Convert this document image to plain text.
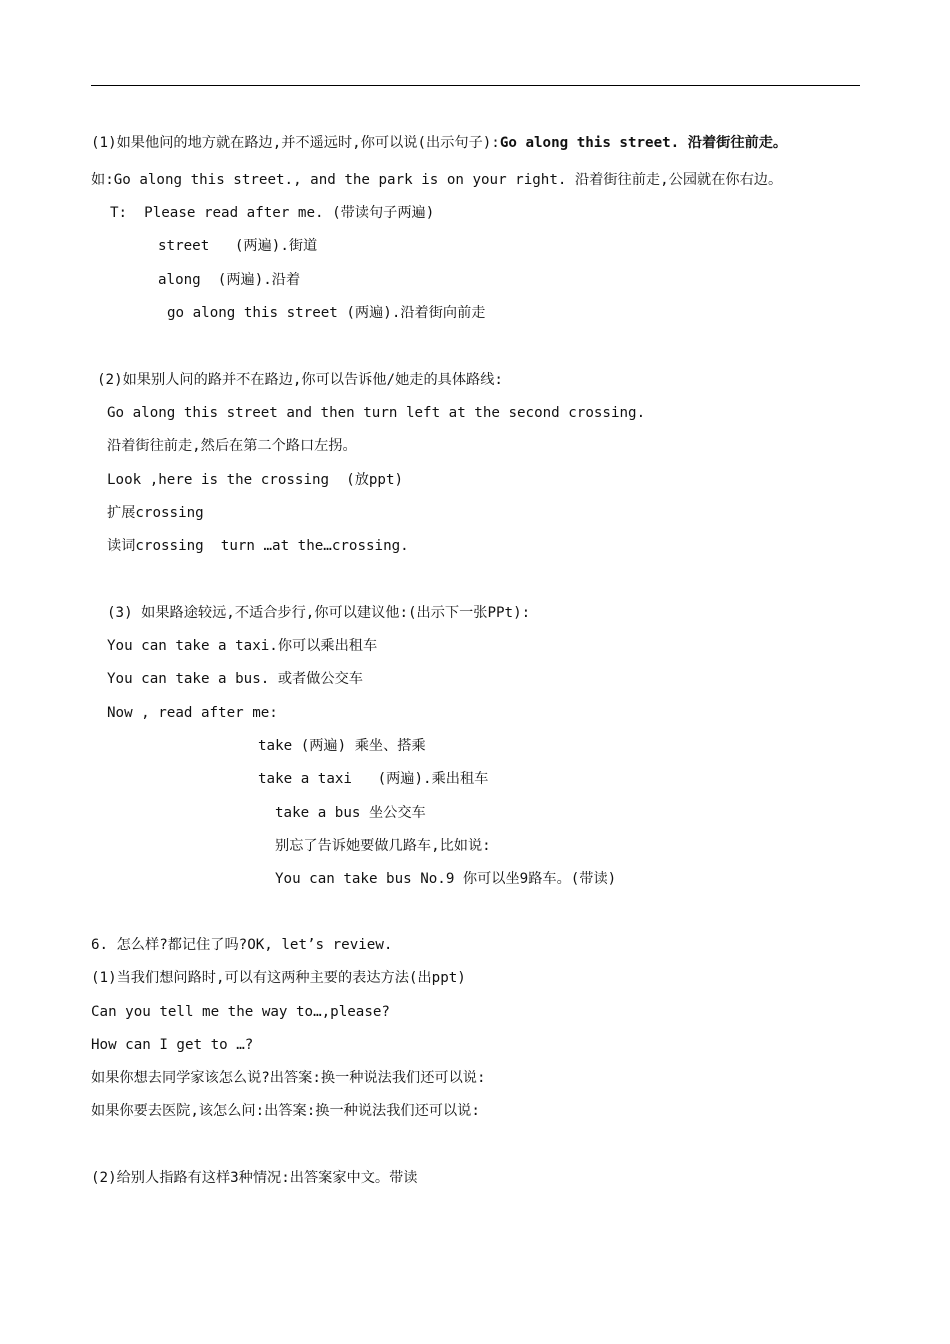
(1)如果他问的地方就在路边,并不遥远时,你可以说(出示句子):Go along this street. 沿着街往前走。
如:Go along this street., and the park is on your right. 沿着街往前走,公园就在你右边。
T:  Please read after me. (带读句子两遍)
street   (两遍).街道
along  (两遍).沿着
go along this street (两遍).沿着街向前走
(2)如果别人问的路并不在路边,你可以告诉他/她走的具体路线:
Go along this street and then turn left at the second crossing.
沿着街往前走,然后在第二个路口左拐。
Look ,here is the crossing  (放ppt)
扩展crossing
读词crossing  turn …at the…crossing.
(3) 如果路途较远,不适合步行,你可以建议他:(出示下一张PPt):
You can take a taxi.你可以乘出租车
You can take a bus. 或者做公交车
Now , read after me:
take (两遍) 乘坐、搭乘
take a taxi   (两遍).乘出租车
take a bus 坐公交车
别忘了告诉她要做几路车,比如说:
You can take bus No.9 你可以坐9路车。(带读)
6. 怎么样?都记住了吗?OK, let’s review.
(1)当我们想问路时,可以有这两种主要的表达方法(出ppt)
Can you tell me the way to…,please?
How can I get to …?
如果你想去同学家该怎么说?出答案:换一种说法我们还可以说:
如果你要去医院,该怎么问:出答案:换一种说法我们还可以说:
(2)给别人指路有这样3种情况:出答案家中文。带读
